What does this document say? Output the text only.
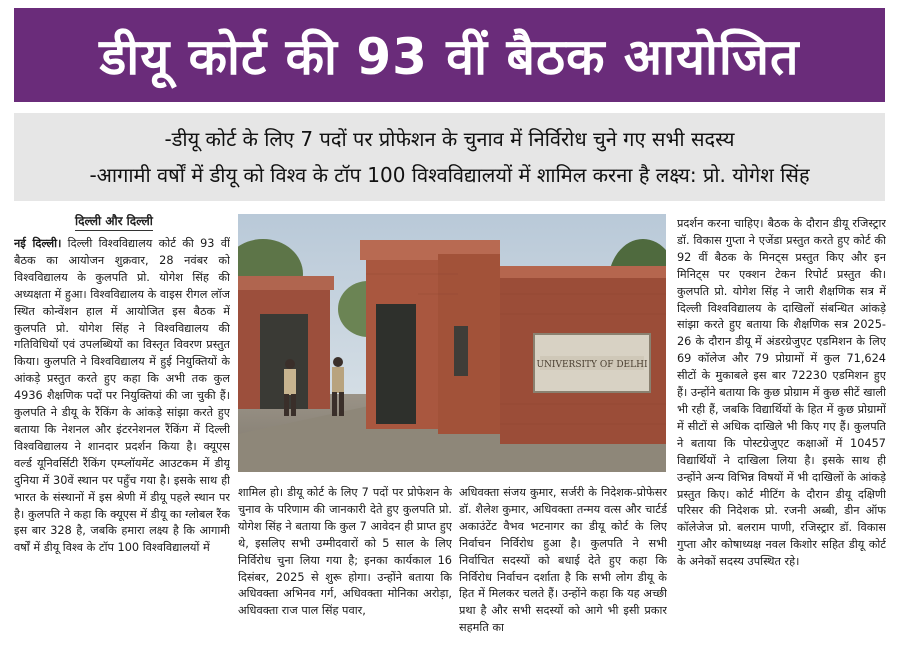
डीयू कोर्ट की 93 वीं बैठक आयोजित
-डीयू कोर्ट के लिए 7 पदों पर प्रोफेशन के चुनाव में निर्विरोध चुने गए सभी सदस्य
-आगामी वर्षों में डीयू को विश्व के टॉप 100 विश्वविद्यालयों में शामिल करना है लक्ष्य: प्रो. योगेश सिंह
दिल्ली और दिल्ली

नई दिल्ली। दिल्ली विश्वविद्यालय कोर्ट की 93 वीं बैठक का आयोजन शुक्रवार, 28 नवंबर को विश्वविद्यालय के कुलपति प्रो. योगेश सिंह की अध्यक्षता में हुआ। विश्वविद्यालय के वाइस रीगल लॉज स्थित कोन्वेंशन हाल में आयोजित इस बैठक में कुलपति प्रो. योगेश सिंह ने विश्वविद्यालय की गतिविधियों एवं उपलब्धियों का विस्तृत विवरण प्रस्तुत किया। कुलपति ने विश्वविद्यालय में हुई नियुक्तियों के आंकड़े प्रस्तुत करते हुए कहा कि अभी तक कुल 4936 शैक्षणिक पदों पर नियुक्तियां की जा चुकी हैं। कुलपति ने डीयू के रैंकिंग के आंकड़े सांझा करते हुए बताया कि नेशनल और इंटरनेशनल रैंकिंग में दिल्ली विश्वविद्यालय ने शानदार प्रदर्शन किया है। क्यूएस वर्ल्ड यूनिवर्सिटी रैंकिंग एम्प्लॉयमेंट आउटकम में डीयू दुनिया में 30वें स्थान पर पहुँच गया है। इसके साथ ही भारत के संस्थानों में इस श्रेणी में डीयू पहले स्थान पर है। कुलपति ने कहा कि क्यूएस में डीयू का ग्लोबल रैंक इस बार 328 है, जबकि हमारा लक्ष्य है कि आगामी वर्षों में डीयू विश्व के टॉप 100 विश्वविद्यालयों में

UNIVERSITY OF DELHI

शामिल हो। डीयू कोर्ट के लिए 7 पदों पर प्रोफेशन के चुनाव के परिणाम की जानकारी देते हुए कुलपति प्रो. योगेश सिंह ने बताया कि कुल 7 आवेदन ही प्राप्त हुए थे, इसलिए सभी उम्मीदवारों को 5 साल के लिए निर्विरोध चुना लिया गया है; इनका कार्यकाल 16 दिसंबर, 2025 से शुरू होगा। उन्होंने बताया कि अधिवक्ता अभिनव गर्ग, अधिवक्ता मोनिका अरोड़ा, अधिवक्ता राज पाल सिंह पवार,

अधिवक्ता संजय कुमार, सर्जरी के निदेशक-प्रोफेसर डॉ. शैलेश कुमार, अधिवक्ता तन्मय वत्स और चार्टर्ड अकाउंटेंट वैभव भटनागर का डीयू कोर्ट के लिए निर्वाचन निर्विरोध हुआ है। कुलपति ने सभी निर्वाचित सदस्यों को बधाई देते हुए कहा कि निर्विरोध निर्वाचन दर्शाता है कि सभी लोग डीयू के हित में मिलकर चलते हैं। उन्होंने कहा कि यह अच्छी प्रथा है और सभी सदस्यों को आगे भी इसी प्रकार सहमति का

प्रदर्शन करना चाहिए। बैठक के दौरान डीयू रजिस्ट्रार डॉ. विकास गुप्ता ने एजेंडा प्रस्तुत करते हुए कोर्ट की 92 वीं बैठक के मिनट्स प्रस्तुत किए और इन मिनिट्स पर एक्शन टेकन रिपोर्ट प्रस्तुत की। कुलपति प्रो. योगेश सिंह ने जारी शैक्षणिक सत्र में दिल्ली विश्वविद्यालय के दाखिलों संबन्धित आंकड़े सांझा करते हुए बताया कि शैक्षणिक सत्र 2025-26 के दौरान डीयू में अंडरग्रेजुएट एडमिशन के लिए 69 कॉलेज और 79 प्रोग्रामों में कुल 71,624 सीटों के मुकाबले इस बार 72230 एडमिशन हुए हैं। उन्होंने बताया कि कुछ प्रोग्राम में कुछ सीटें खाली भी रही हैं, जबकि विद्यार्थियों के हित में कुछ प्रोग्रामों में सीटों से अधिक दाखिले भी किए गए हैं। कुलपति ने बताया कि पोस्टग्रेजुएट कक्षाओं में 10457 विद्यार्थियों ने दाखिला लिया है। इसके साथ ही उन्होंने अन्य विभिन्न विषयों में भी दाखिलों के आंकड़े प्रस्तुत किए। कोर्ट मीटिंग के दौरान डीयू दक्षिणी परिसर की निदेशक प्रो. रजनी अब्बी, डीन ऑफ कॉलेजेज प्रो. बलराम पाणी, रजिस्ट्रार डॉ. विकास गुप्ता और कोषाध्यक्ष नवल किशोर सहित डीयू कोर्ट के अनेकों सदस्य उपस्थित रहे।
